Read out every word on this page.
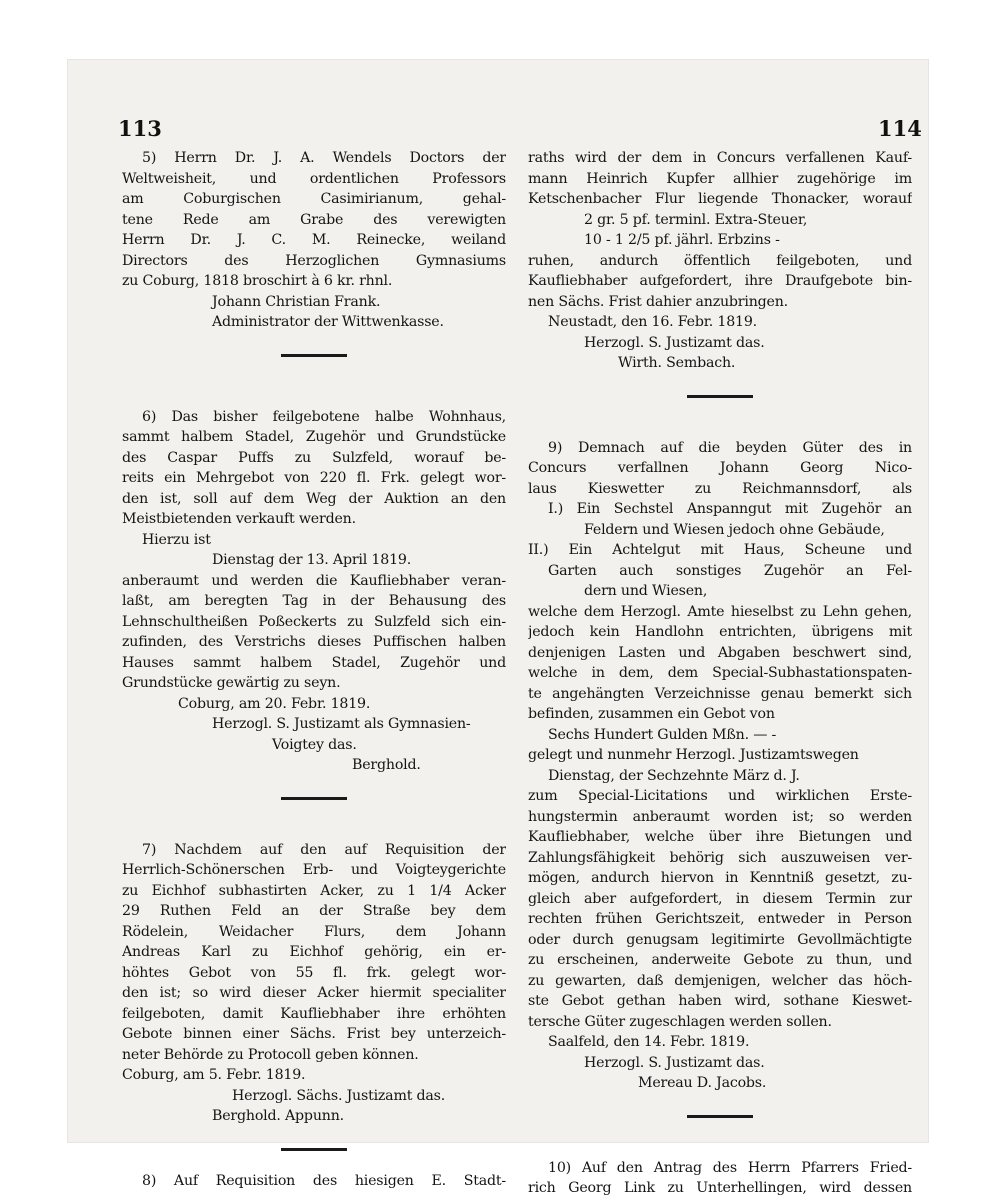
113	114
5) Herrn Dr. J. A. Wendels Doctors der
Weltweisheit, und ordentlichen Professors
am Coburgischen Casimirianum, gehal-
tene Rede am Grabe des verewigten
Herrn Dr. J. C. M. Reinecke, weiland
Directors des Herzoglichen Gymnasiums
zu Coburg, 1818 broschirt à 6 kr. rhnl.
Johann Christian Frank.
Administrator der Wittwenkasse.
6) Das bisher feilgebotene halbe Wohnhaus,
sammt halbem Stadel, Zugehör und Grundstücke
des Caspar Puffs zu Sulzfeld, worauf be-
reits ein Mehrgebot von 220 fl. Frk. gelegt wor-
den ist, soll auf dem Weg der Auktion an den
Meistbietenden verkauft werden.
Hierzu ist
Dienstag der 13. April 1819.
anberaumt und werden die Kaufliebhaber veran-
laßt, am beregten Tag in der Behausung des
Lehnschultheißen Poßeckerts zu Sulzfeld sich ein-
zufinden, des Verstrichs dieses Puffischen halben
Hauses sammt halbem Stadel, Zugehör und
Grundstücke gewärtig zu seyn.
Coburg, am 20. Febr. 1819.
Herzogl. S. Justizamt als Gymnasien-
Voigtey das.
Berghold.
7) Nachdem auf den auf Requisition der
Herrlich-Schönerschen Erb- und Voigteygerichte
zu Eichhof subhastirten Acker, zu 1 1/4 Acker
29 Ruthen Feld an der Straße bey dem
Rödelein, Weidacher Flurs, dem Johann
Andreas Karl zu Eichhof gehörig, ein er-
höhtes Gebot von 55 fl. frk. gelegt wor-
den ist; so wird dieser Acker hiermit specialiter
feilgeboten, damit Kaufliebhaber ihre erhöhten
Gebote binnen einer Sächs. Frist bey unterzeich-
neter Behörde zu Protocoll geben können.
Coburg, am 5. Febr. 1819.
Herzogl. Sächs. Justizamt das.
Berghold. Appunn.
8) Auf Requisition des hiesigen E. Stadt-
raths wird der dem in Concurs verfallenen Kauf-
mann Heinrich Kupfer allhier zugehörige im
Ketschenbacher Flur liegende Thonacker, worauf
2 gr. 5 pf. terminl. Extra-Steuer,
10 - 1 2/5 pf. jährl. Erbzins -
ruhen, andurch öffentlich feilgeboten, und
Kaufliebhaber aufgefordert, ihre Draufgebote bin-
nen Sächs. Frist dahier anzubringen.
Neustadt, den 16. Febr. 1819.
Herzogl. S. Justizamt das.
Wirth. Sembach.
9) Demnach auf die beyden Güter des in
Concurs verfallnen Johann Georg Nico-
laus Kieswetter zu Reichmannsdorf, als
I.) Ein Sechstel Anspanngut mit Zugehör an
Feldern und Wiesen jedoch ohne Gebäude,
II.) Ein Achtelgut mit Haus, Scheune und
Garten auch sonstiges Zugehör an Fel-
dern und Wiesen,
welche dem Herzogl. Amte hieselbst zu Lehn gehen,
jedoch kein Handlohn entrichten, übrigens mit
denjenigen Lasten und Abgaben beschwert sind,
welche in dem, dem Special-Subhastationspaten-
te angehängten Verzeichnisse genau bemerkt sich
befinden, zusammen ein Gebot von
Sechs Hundert Gulden Mßn. — -
gelegt und nunmehr Herzogl. Justizamtswegen
Dienstag, der Sechzehnte März d. J.
zum Special-Licitations und wirklichen Erste-
hungstermin anberaumt worden ist; so werden
Kaufliebhaber, welche über ihre Bietungen und
Zahlungsfähigkeit behörig sich auszuweisen ver-
mögen, andurch hiervon in Kenntniß gesetzt, zu-
gleich aber aufgefordert, in diesem Termin zur
rechten frühen Gerichtszeit, entweder in Person
oder durch genugsam legitimirte Gevollmächtigte
zu erscheinen, anderweite Gebote zu thun, und
zu gewarten, daß demjenigen, welcher das höch-
ste Gebot gethan haben wird, sothane Kieswet-
tersche Güter zugeschlagen werden sollen.
Saalfeld, den 14. Febr. 1819.
Herzogl. S. Justizamt das.
Mereau D. Jacobs.
10) Auf den Antrag des Herrn Pfarrers Fried-
rich Georg Link zu Unterhellingen, wird dessen
